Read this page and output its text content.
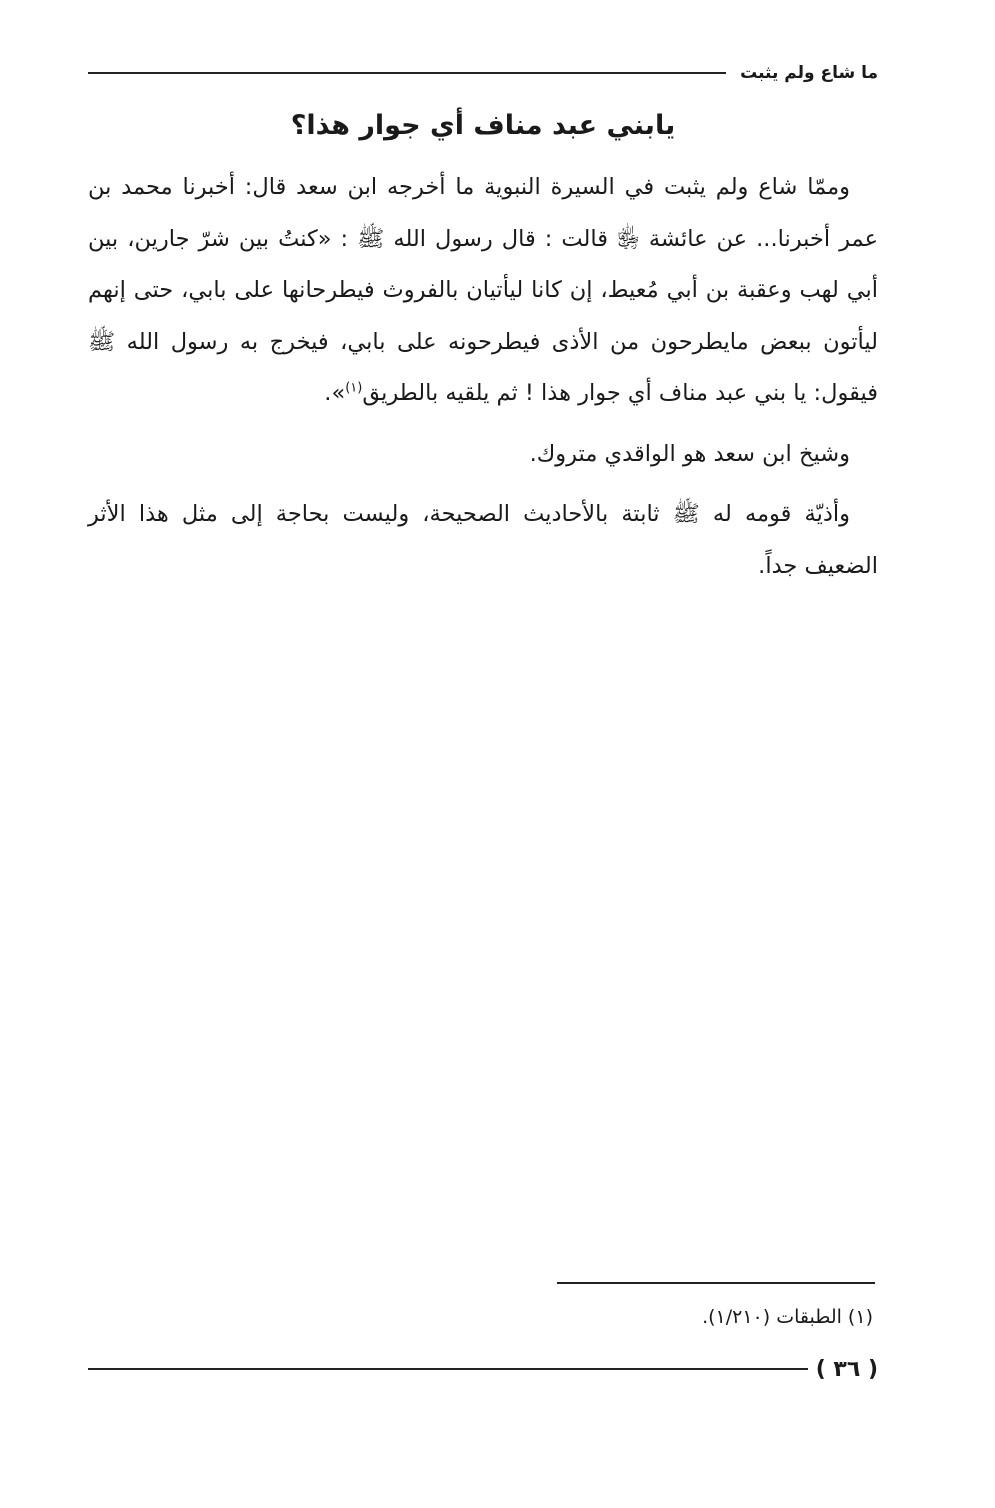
ما شاع ولم يثبت
يابني عبد مناف أي جوار هذا؟

وممّا شاع ولم يثبت في السيرة النبوية ما أخرجه ابن سعد قال: أخبرنا محمد بن عمر أخبرنا... عن عائشة ﵂ قالت : قال رسول الله ﷺ : «كنتُ بين شرّ جارين، بين أبي لهب وعقبة بن أبي مُعيط، إن كانا ليأتيان بالفروث فيطرحانها على بابي، حتى إنهم ليأتون ببعض مايطرحون من الأذى فيطرحونه على بابي، فيخرج به رسول الله ﷺ فيقول: يا بني عبد مناف أي جوار هذا ! ثم يلقيه بالطريق$^{(١)}$».

وشيخ ابن سعد هو الواقدي متروك.

وأذيّة قومه له ﷺ ثابتة بالأحاديث الصحيحة، وليست بحاجة إلى مثل هذا الأثر الضعيف جداً.

(١) الطبقات (١/٢١٠).
( ٣٦ )
